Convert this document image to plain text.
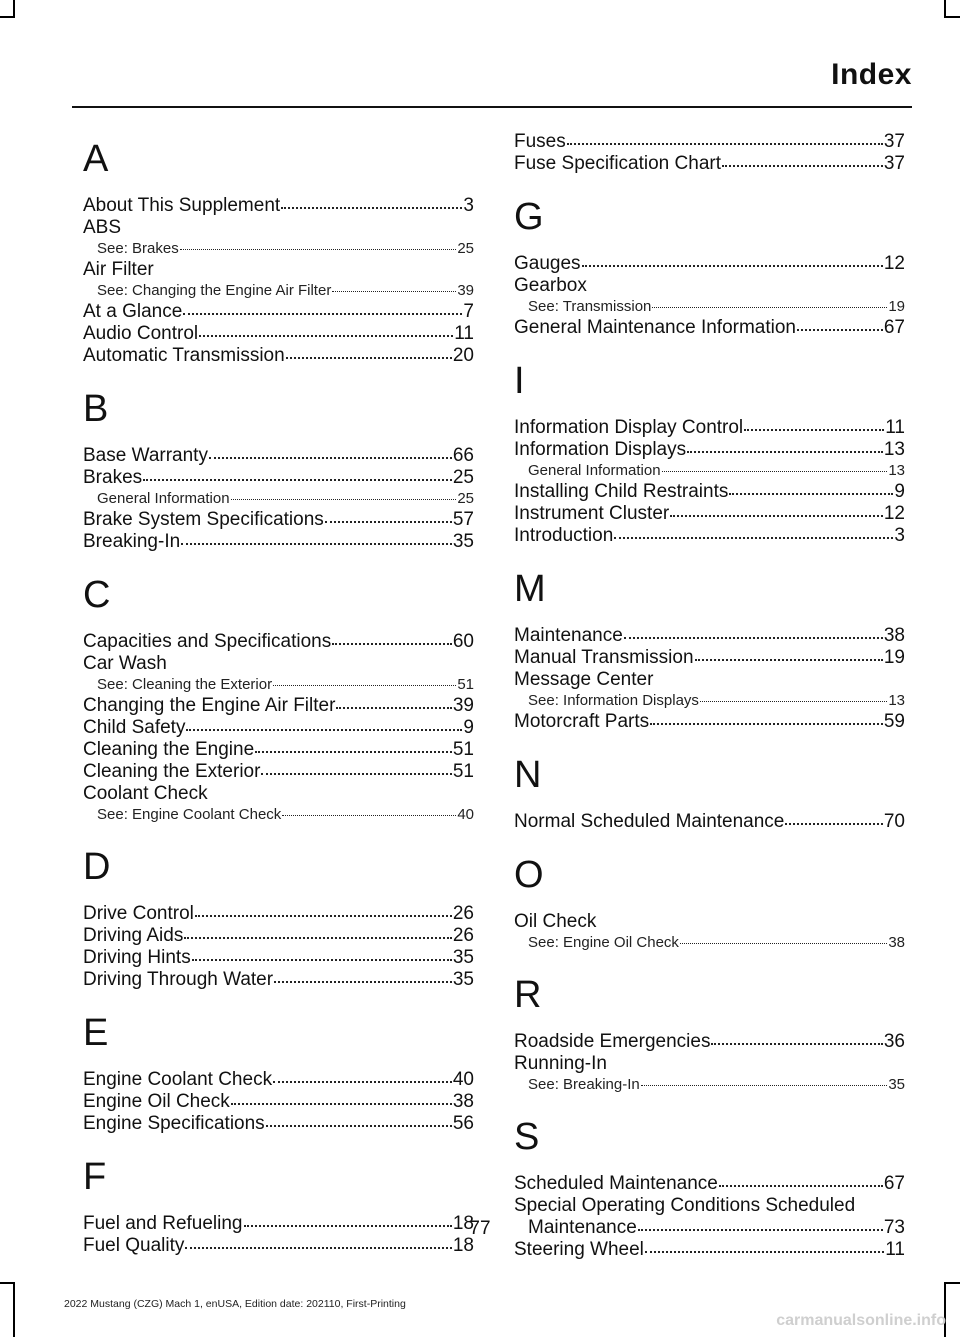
Index
A
About This Supplement	3
ABS
See: Brakes	25
Air Filter
See: Changing the Engine Air Filter	39
At a Glance	7
Audio Control	11
Automatic Transmission	20
B
Base Warranty	66
Brakes	25
General Information	25
Brake System Specifications	57
Breaking-In	35
C
Capacities and Specifications	60
Car Wash
See: Cleaning the Exterior	51
Changing the Engine Air Filter	39
Child Safety	9
Cleaning the Engine	51
Cleaning the Exterior	51
Coolant Check
See: Engine Coolant Check	40
D
Drive Control	26
Driving Aids	26
Driving Hints	35
Driving Through Water	35
E
Engine Coolant Check	40
Engine Oil Check	38
Engine Specifications	56
F
Fuel and Refueling	18
Fuel Quality	18
Fuses	37
Fuse Specification Chart	37
G
Gauges	12
Gearbox
See: Transmission	19
General Maintenance Information	67
I
Information Display Control	11
Information Displays	13
General Information	13
Installing Child Restraints	9
Instrument Cluster	12
Introduction	3
M
Maintenance	38
Manual Transmission	19
Message Center
See: Information Displays	13
Motorcraft Parts	59
N
Normal Scheduled Maintenance	70
O
Oil Check
See: Engine Oil Check	38
R
Roadside Emergencies	36
Running-In
See: Breaking-In	35
S
Scheduled Maintenance	67
Special Operating Conditions Scheduled
Maintenance	73
Steering Wheel	11
77
2022 Mustang (CZG) Mach 1, enUSA, Edition date: 202110, First-Printing
carmanualsonline.info
